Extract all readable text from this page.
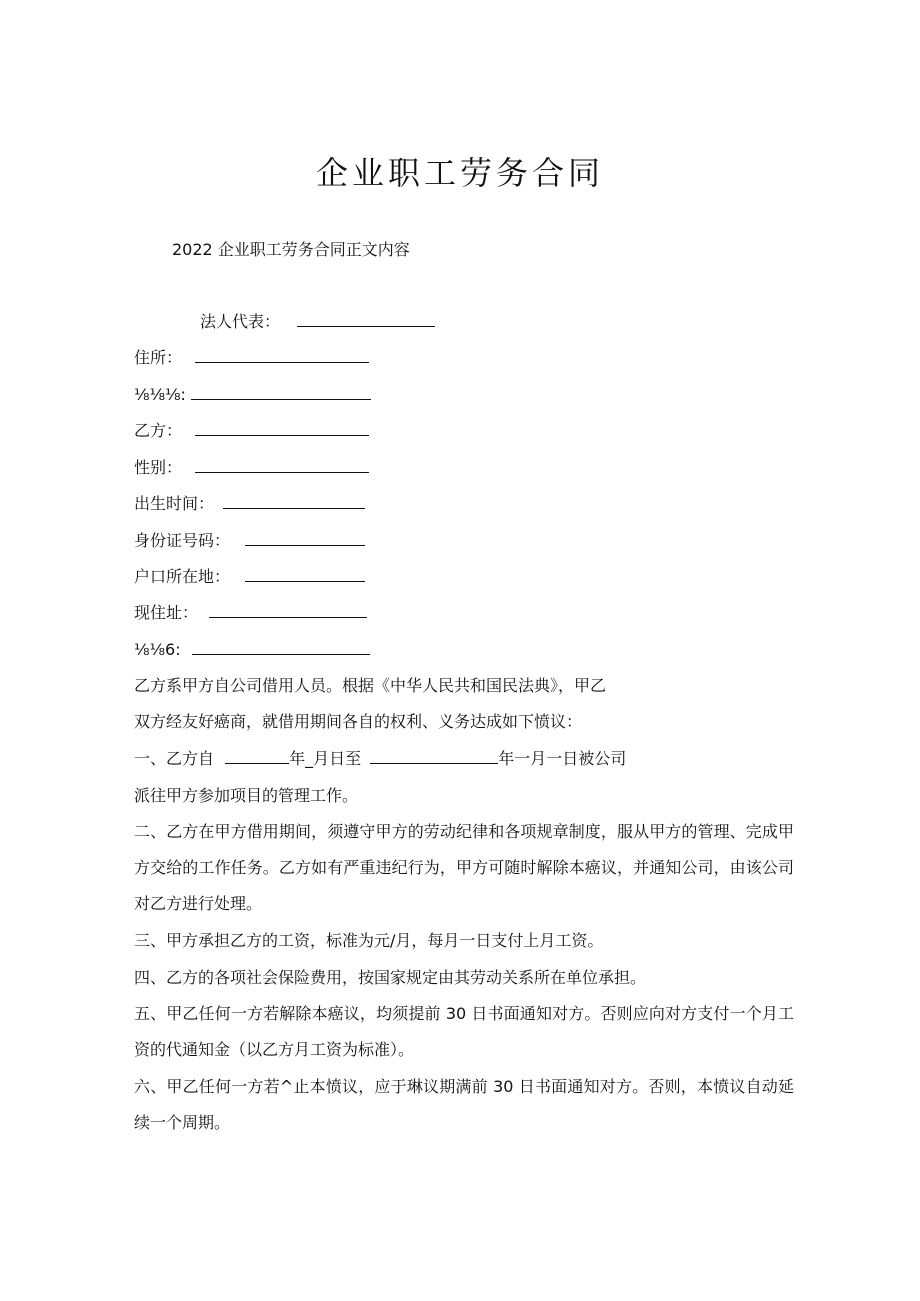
企业职工劳务合同

2022 企业职工劳务合同正文内容

法人代表：
住所：
⅛⅛⅛:
乙方：
性别：
出生时间：
身份证号码：
户口所在地：
现住址：
⅛⅛6:

乙方系甲方自公司借用人员。根据《中华人民共和国民法典》，甲乙

双方经友好癌商，就借用期间各自的权利、义务达成如下愤议：

一、乙方自	年_月日至	年一月一日被公司

派往甲方参加项目的管理工作。

二、乙方在甲方借用期间，须遵守甲方的劳动纪律和各项规章制度，服从甲方的管理、完成甲方交给的工作任务。乙方如有严重违纪行为，甲方可随时解除本癌议，并通知公司，由该公司对乙方进行处理。

三、甲方承担乙方的工资，标准为元/月，每月一日支付上月工资。

四、乙方的各项社会保险费用，按国家规定由其劳动关系所在单位承担。

五、甲乙任何一方若解除本癌议，均须提前 30 日书面通知对方。否则应向对方支付一个月工资的代通知金（以乙方月工资为标准）。

六、甲乙任何一方若^止本愤议，应于琳议期满前 30 日书面通知对方。否则，本愤议自动延续一个周期。
